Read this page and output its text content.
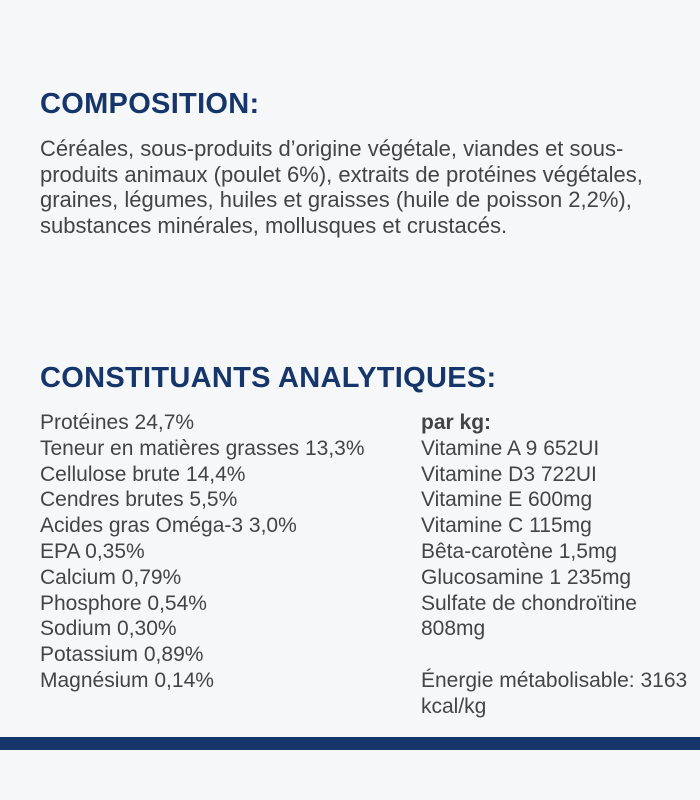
COMPOSITION:

Céréales, sous-produits d’origine végétale, viandes et sous-produits animaux (poulet 6%), extraits de protéines végétales, graines, légumes, huiles et graisses (huile de poisson 2,2%), substances minérales, mollusques et crustacés.

CONSTITUANTS ANALYTIQUES:
Protéines 24,7%
Teneur en matières grasses 13,3%
Cellulose brute 14,4%
Cendres brutes 5,5%
Acides gras Oméga-3 3,0%
EPA 0,35%
Calcium 0,79%
Phosphore 0,54%
Sodium 0,30%
Potassium 0,89%
Magnésium 0,14%
par kg:
Vitamine A 9 652UI
Vitamine D3 722UI
Vitamine E 600mg
Vitamine C 115mg
Bêta-carotène 1,5mg
Glucosamine 1 235mg
Sulfate de chondroïtine 808mg
Énergie métabolisable: 3163 kcal/kg
